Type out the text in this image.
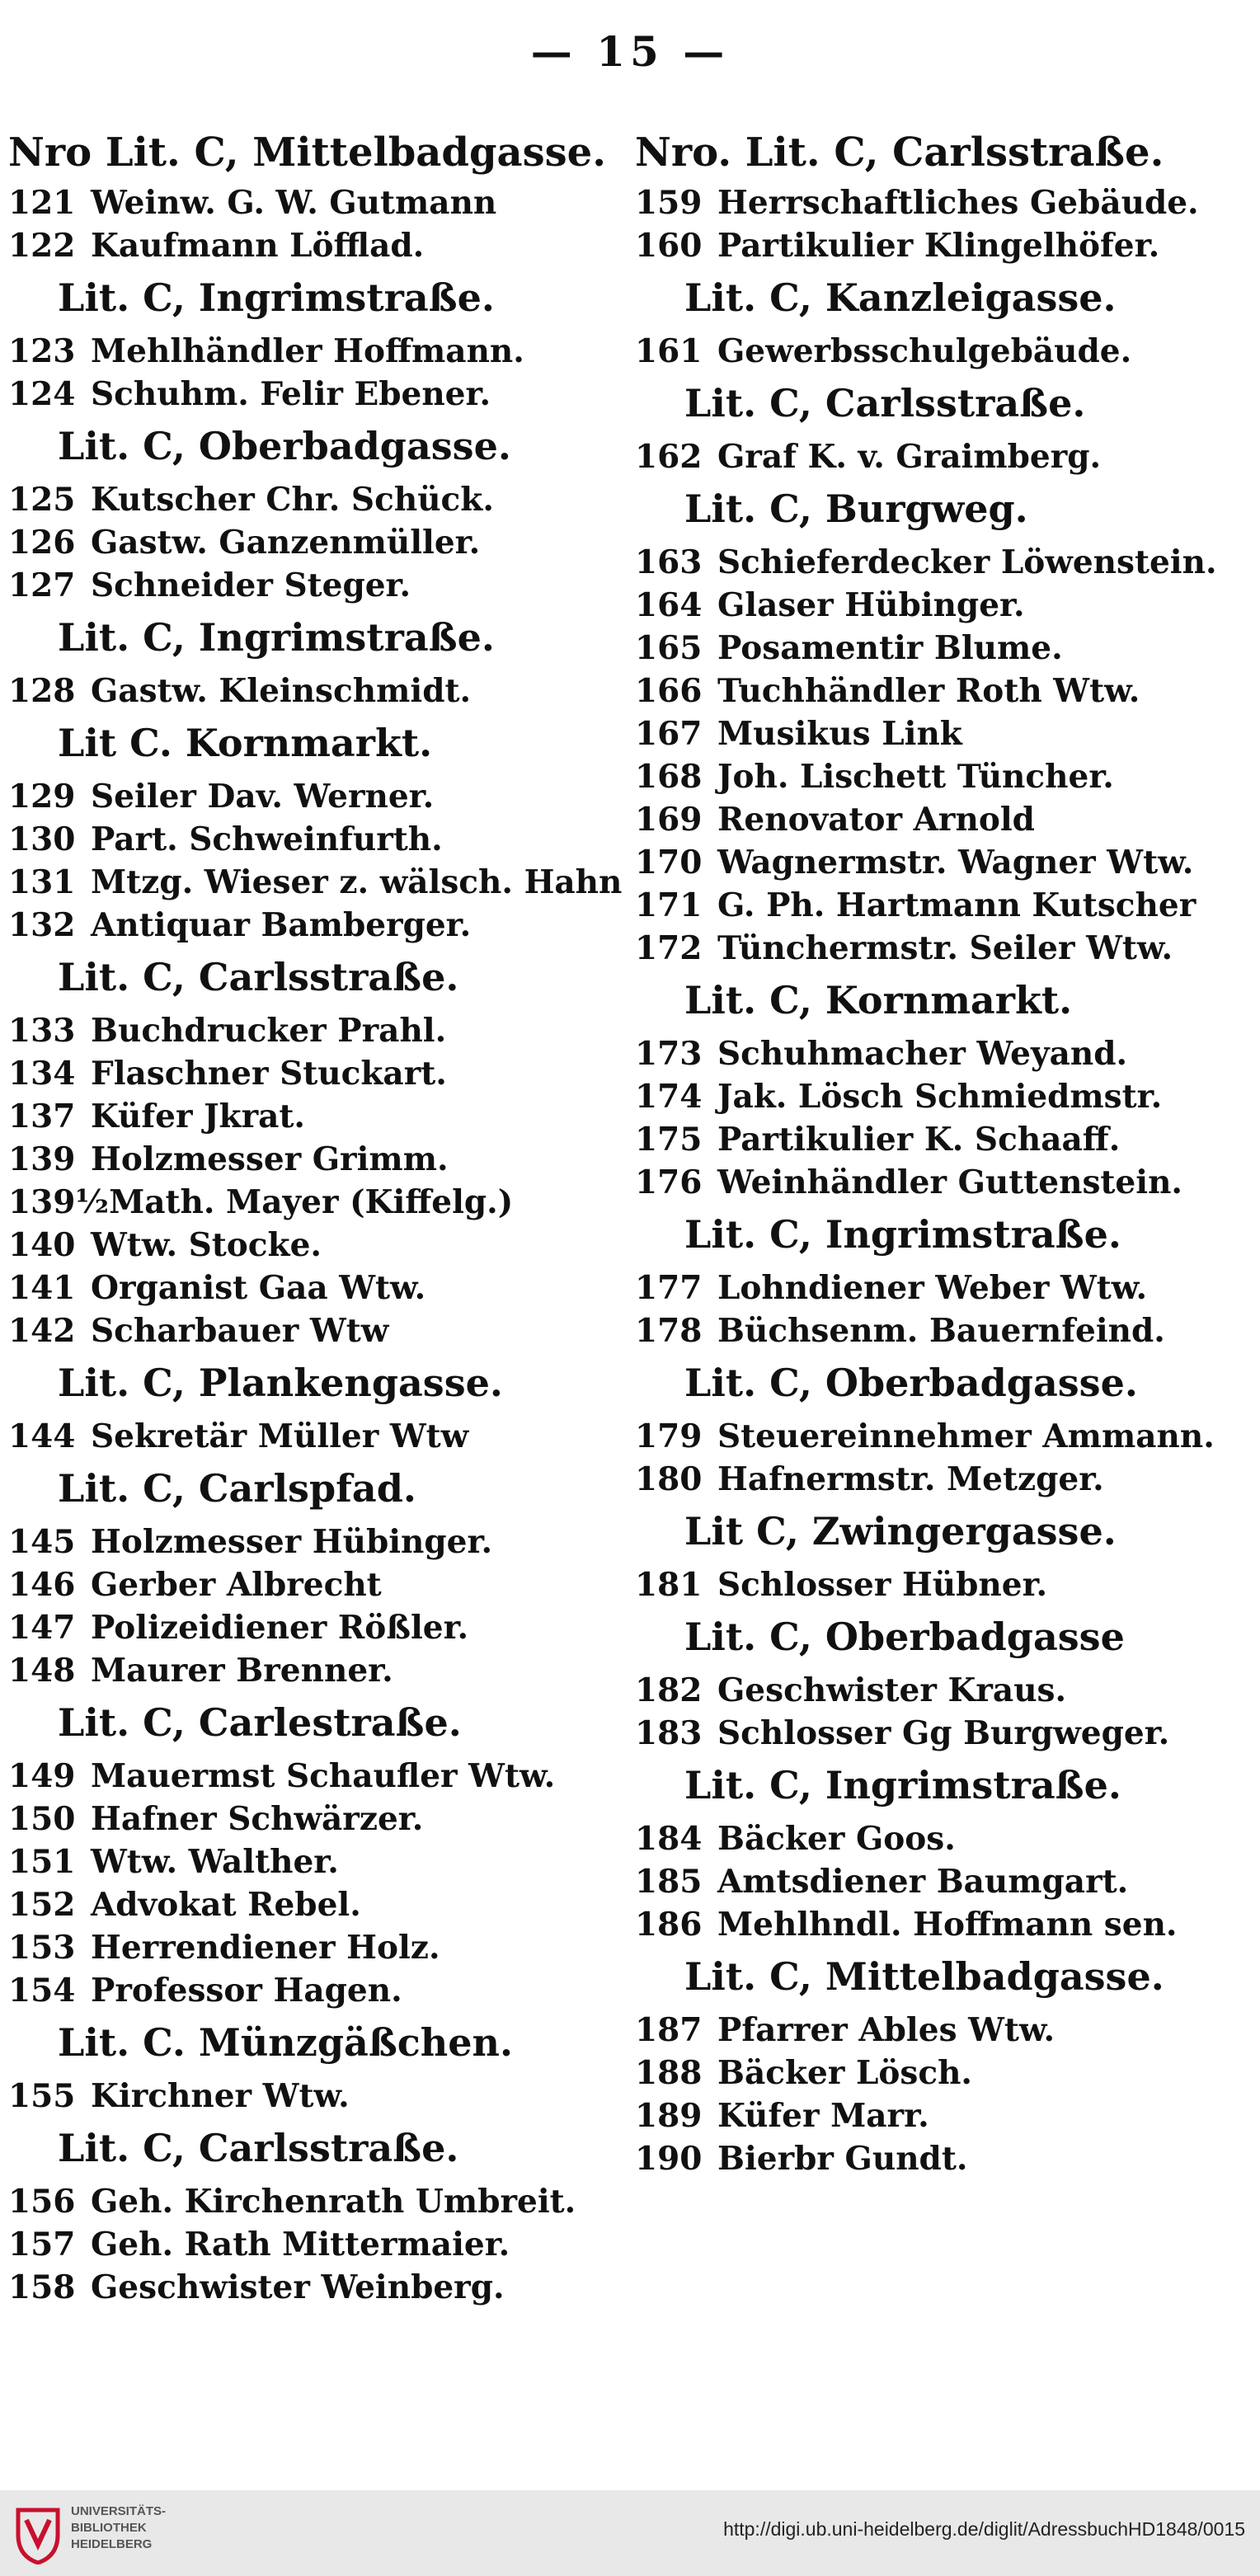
— 15 —
Nro Lit. C, Mittelbadgasse.
121 Weinw. G. W. Gutmann
122 Kaufmann Löfflad.
Lit. C, Ingrimstraße.
123 Mehlhändler Hoffmann.
124 Schuhm. Felir Ebener.
Lit. C, Oberbadgasse.
125 Kutscher Chr. Schück.
126 Gastw. Ganzenmüller.
127 Schneider Steger.
Lit. C, Ingrimstraße.
128 Gastw. Kleinschmidt.
Lit C. Kornmarkt.
129 Seiler Dav. Werner.
130 Part. Schweinfurth.
131 Mtzg. Wieser z. wälsch. Hahn
132 Antiquar Bamberger.
Lit. C, Carlsstraße.
133 Buchdrucker Prahl.
134 Flaschner Stuckart.
137 Küfer Jkrat.
139 Holzmesser Grimm.
139½Math. Mayer (Kiffelg.)
140 Wtw. Stocke.
141 Organist Gaa Wtw.
142 Scharbauer Wtw
Lit. C, Plankengasse.
144 Sekretär Müller Wtw
Lit. C, Carlspfad.
145 Holzmesser Hübinger.
146 Gerber Albrecht
147 Polizeidiener Rößler.
148 Maurer Brenner.
Lit. C, Carlestraße.
149 Mauermst Schaufler Wtw.
150 Hafner Schwärzer.
151 Wtw. Walther.
152 Advokat Rebel.
153 Herrendiener Holz.
154 Professor Hagen.
Lit. C. Münzgäßchen.
155 Kirchner Wtw.
Lit. C, Carlsstraße.
156 Geh. Kirchenrath Umbreit.
157 Geh. Rath Mittermaier.
158 Geschwister Weinberg.
Nro. Lit. C, Carlsstraße.
159 Herrschaftliches Gebäude.
160 Partikulier Klingelhöfer.
Lit. C, Kanzleigasse.
161 Gewerbsschulgebäude.
Lit. C, Carlsstraße.
162 Graf K. v. Graimberg.
Lit. C, Burgweg.
163 Schieferdecker Löwenstein.
164 Glaser Hübinger.
165 Posamentir Blume.
166 Tuchhändler Roth Wtw.
167 Musikus Link
168 Joh. Lischett Tüncher.
169 Renovator Arnold
170 Wagnermstr. Wagner Wtw.
171 G. Ph. Hartmann Kutscher
172 Tünchermstr. Seiler Wtw.
Lit. C, Kornmarkt.
173 Schuhmacher Weyand.
174 Jak. Lösch Schmiedmstr.
175 Partikulier K. Schaaff.
176 Weinhändler Guttenstein.
Lit. C, Ingrimstraße.
177 Lohndiener Weber Wtw.
178 Büchsenm. Bauernfeind.
Lit. C, Oberbadgasse.
179 Steuereinnehmer Ammann.
180 Hafnermstr. Metzger.
Lit C, Zwingergasse.
181 Schlosser Hübner.
Lit. C, Oberbadgasse
182 Geschwister Kraus.
183 Schlosser Gg Burgweger.
Lit. C, Ingrimstraße.
184 Bäcker Goos.
185 Amtsdiener Baumgart.
186 Mehlhndl. Hoffmann sen.
Lit. C, Mittelbadgasse.
187 Pfarrer Ables Wtw.
188 Bäcker Lösch.
189 Küfer Marr.
190 Bierbr Gundt.
UNIVERSITÄTS-
BIBLIOTHEK
HEIDELBERG
http://digi.ub.uni-heidelberg.de/diglit/AdressbuchHD1848/0015
